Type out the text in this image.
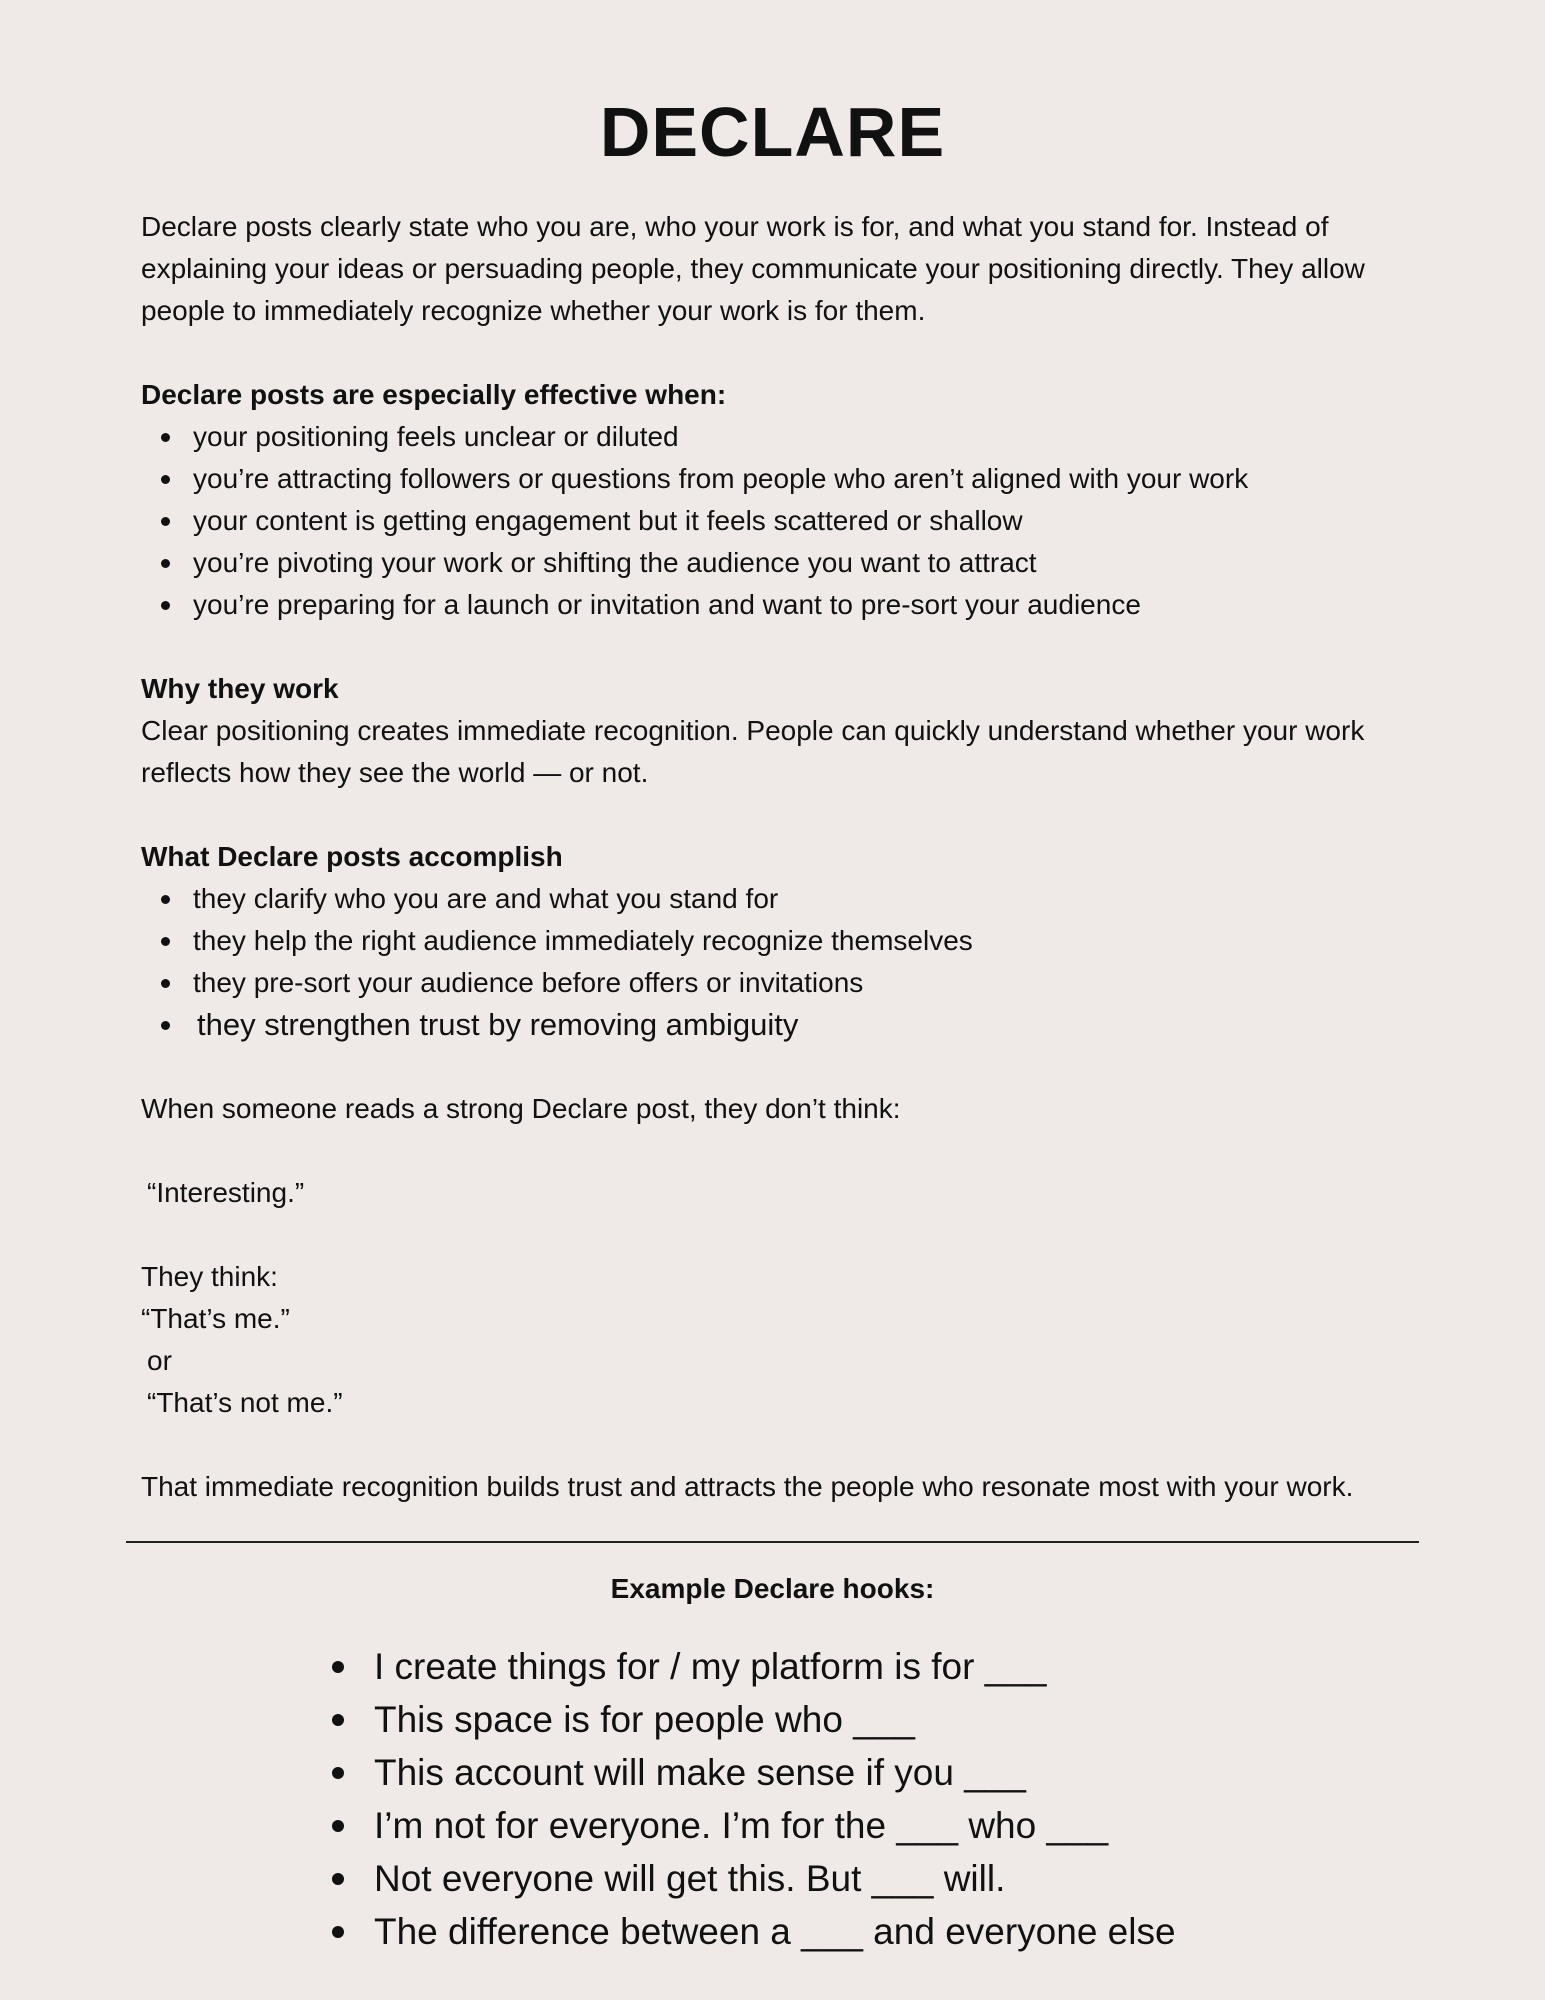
DECLARE

Declare posts clearly state who you are, who your work is for, and what you stand for. Instead of explaining your ideas or persuading people, they communicate your positioning directly. They allow people to immediately recognize whether your work is for them.

Declare posts are especially effective when:

your positioning feels unclear or diluted
you’re attracting followers or questions from people who aren’t aligned with your work
your content is getting engagement but it feels scattered or shallow
you’re pivoting your work or shifting the audience you want to attract
you’re preparing for a launch or invitation and want to pre-sort your audience

Why they work

Clear positioning creates immediate recognition. People can quickly understand whether your work reflects how they see the world — or not.

What Declare posts accomplish

they clarify who you are and what you stand for
they help the right audience immediately recognize themselves
they pre-sort your audience before offers or invitations
they strengthen trust by removing ambiguity

When someone reads a strong Declare post, they don’t think:

“Interesting.”

They think:

“That’s me.”

or

“That’s not me.”

That immediate recognition builds trust and attracts the people who resonate most with your work.

Example Declare hooks:
I create things for / my platform is for ___
This space is for people who ___
This account will make sense if you ___
I’m not for everyone. I’m for the ___ who ___
Not everyone will get this. But ___ will.
The difference between a ___ and everyone else
